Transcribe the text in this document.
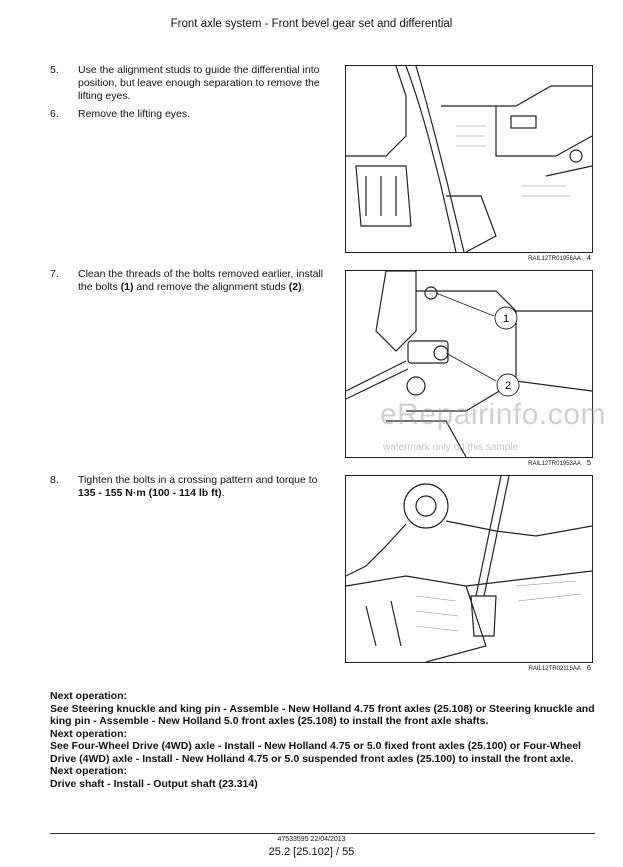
Front axle system - Front bevel gear set and differential
5. Use the alignment studs to guide the differential into position, but leave enough separation to remove the lifting eyes.
6. Remove the lifting eyes.
7. Clean the threads of the bolts removed earlier, install the bolts (1) and remove the alignment studs (2).
8. Tighten the bolts in a crossing pattern and torque to 135 - 155 N·m (100 - 114 lb ft).
RAIL12TR01956AA 4
1
2
RAIL12TR01953AA 5
RAIL12TR02115AA 6
eRepairinfo.com
watermark only on this sample

Next operation:
See Steering knuckle and king pin - Assemble - New Holland 4.75 front axles (25.108) or Steering knuckle and king pin - Assemble - New Holland 5.0 front axles (25.108) to install the front axle shafts.

Next operation:
See Four-Wheel Drive (4WD) axle - Install - New Holland 4.75 or 5.0 fixed front axles (25.100) or Four-Wheel Drive (4WD) axle - Install - New Holland 4.75 or 5.0 suspended front axles (25.100) to install the front axle.

Next operation:
Drive shaft - Install - Output shaft (23.314)

47533595 22/04/2013
25.2 [25.102] / 55
